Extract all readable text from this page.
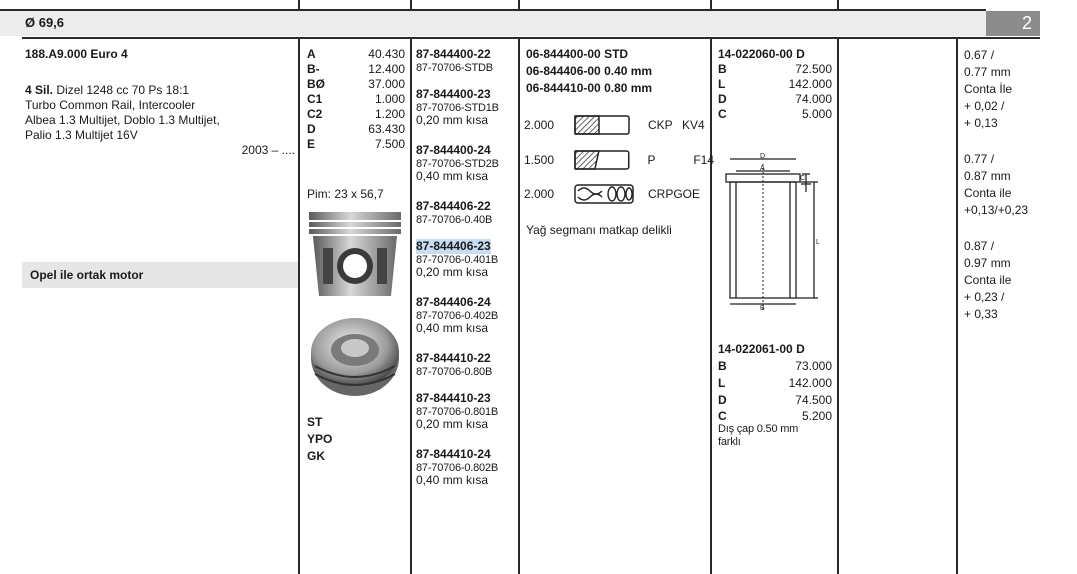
2
Ø 69,6
188.A9.000 Euro 4
4 Sil. Dizel 1248 cc 70 Ps 18:1
Turbo Common Rail, Intercooler
Albea 1.3 Multijet, Doblo 1.3 Multijet,
Palio 1.3 Multijet 16V
2003 – ....
Opel ile ortak motor
A	40.430
B-	12.400
BØ	37.000
C1	1.000
C2	1.200
D	63.430
E	7.500
Pim: 23 x 56,7
ST
YPO
GK
87-844400-22
87-70706-STDB
87-844400-23
87-70706-STD1B
0,20 mm kısa
87-844400-24
87-70706-STD2B
0,40 mm kısa
87-844406-22
87-70706-0.40B
87-844406-23
87-70706-0.401B
0,20 mm kısa
87-844406-24
87-70706-0.402B
0,40 mm kısa
87-844410-22
87-70706-0.80B
87-844410-23
87-70706-0.801B
0,20 mm kısa
87-844410-24
87-70706-0.802B
0,40 mm kısa
06-844400-00 STD
06-844406-00 0.40 mm
06-844410-00 0.80 mm
2.000	CKP KV4
1.500	P	F14
2.000	CRP GOE
Yağ segmanı matkap delikli
14-022060-00 D
B	72.500
L	142.000
D	74.000
C	5.000
D
A
C
L
B
14-022061-00 D
B	73.000
L	142.000
D	74.500
C	5.200
Dış çap 0.50 mm
farklı
0.67 /
0.77 mm
Conta İle
+ 0,02 /
+ 0,13
0.77 /
0.87 mm
Conta ile
+0,13/+0,23
0.87 /
0.97 mm
Conta ile
+ 0,23 /
+ 0,33
